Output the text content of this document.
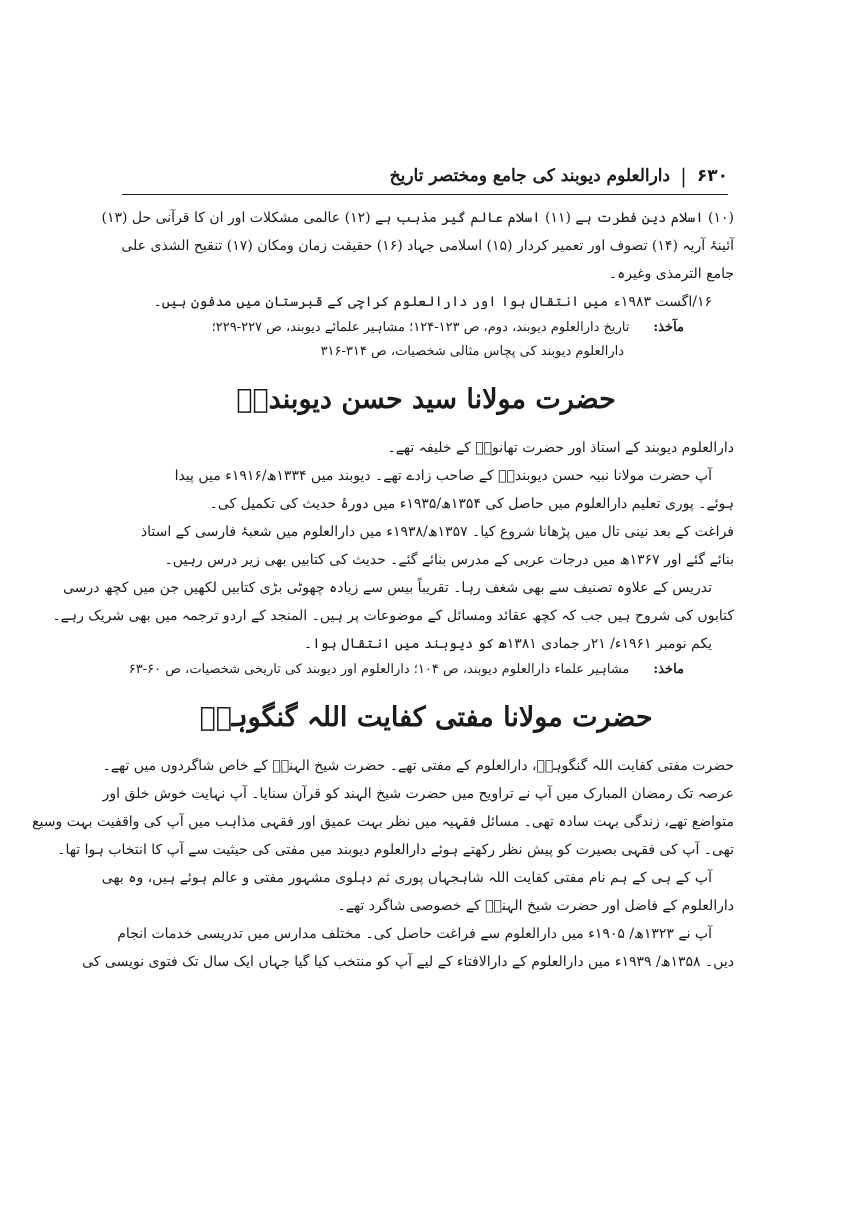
۶۳۰
|
دارالعلوم دیوبند کی جامع ومختصر تاریخ
(۱۰) اسلام دین فطرت ہے (۱۱) اسلام عالم گیر مذہب ہے (۱۲) عالمی مشکلات اور ان کا قرآنی حل (۱۳)
آئینۂ آریہ (۱۴) تصوف اور تعمیر کردار (۱۵) اسلامی جہاد (۱۶) حقیقت زمان ومکان (۱۷) تنقیح الشذی علی
جامع الترمذی وغیرہ۔
۱۶/اگست ۱۹۸۳ء میں انتقال ہوا اور دارالعلوم کراچی کے قبرستان میں مدفون ہیں۔
مآخذ:تاریخ دارالعلوم دیوبند، دوم، ص ۱۲۳-۱۲۴؛ مشاہیر علمائے دیوبند، ص ۲۲۷-۲۲۹؛
دارالعلوم دیوبند کی پچاس مثالی شخصیات، ص ۳۱۴-۳۱۶
حضرت مولانا سید حسن دیوبندیؒ
دارالعلوم دیوبند کے استاذ اور حضرت تھانویؒ کے خلیفہ تھے۔
آپ حضرت مولانا نبیہ حسن دیوبندیؒ کے صاحب زادے تھے۔ دیوبند میں ۱۳۳۴ھ/۱۹۱۶ء میں پیدا
ہوئے۔ پوری تعلیم دارالعلوم میں حاصل کی ۱۳۵۴ھ/۱۹۳۵ء میں دورۂ حدیث کی تکمیل کی۔
فراغت کے بعد نینی تال میں پڑھانا شروع کیا۔ ۱۳۵۷ھ/۱۹۳۸ء میں دارالعلوم میں شعبۂ فارسی کے استاذ
بنائے گئے اور ۱۳۶۷ھ میں درجات عربی کے مدرس بنائے گئے۔ حدیث کی کتابیں بھی زیر درس رہیں۔
تدریس کے علاوہ تصنیف سے بھی شغف رہا۔ تقریباً بیس سے زیادہ چھوٹی بڑی کتابیں لکھیں جن میں کچھ درسی
کتابوں کی شروح ہیں جب کہ کچھ عقائد ومسائل کے موضوعات پر ہیں۔ المنجد کے اردو ترجمہ میں بھی شریک رہے۔
یکم نومبر ۱۹۶۱ء/ ۲۱ر جمادی ۱۳۸۱ھ کو دیوبند میں انتقال ہوا۔
ماخذ:مشاہیر علماء دارالعلوم دیوبند، ص ۱۰۴؛ دارالعلوم اور دیوبند کی تاریخی شخصیات، ص ۶۰-۶۳
حضرت مولانا مفتی کفایت اللہ گنگوہیؒ
حضرت مفتی کفایت اللہ گنگوہیؒ، دارالعلوم کے مفتی تھے۔ حضرت شیخ الہندؒ کے خاص شاگردوں میں تھے۔
عرصہ تک رمضان المبارک میں آپ نے تراویح میں حضرت شیخ الہند کو قرآن سنایا۔ آپ نہایت خوش خلق اور
متواضع تھے، زندگی بہت سادہ تھی۔ مسائل فقہیہ میں نظر بہت عمیق اور فقہی مذاہب میں آپ کی واقفیت بہت وسیع
تھی۔ آپ کی فقہی بصیرت کو پیش نظر رکھتے ہوئے دارالعلوم دیوبند میں مفتی کی حیثیت سے آپ کا انتخاب ہوا تھا۔
آپ کے ہی کے ہم نام مفتی کفایت اللہ شاہجہاں پوری ثم دہلوی مشہور مفتی و عالم ہوئے ہیں، وہ بھی
دارالعلوم کے فاضل اور حضرت شیخ الہندؒ کے خصوصی شاگرد تھے۔
آپ نے ۱۳۲۳ھ/ ۱۹۰۵ء میں دارالعلوم سے فراغت حاصل کی۔ مختلف مدارس میں تدریسی خدمات انجام
دیں۔ ۱۳۵۸ھ/ ۱۹۳۹ء میں دارالعلوم کے دارالافتاء کے لیے آپ کو منتخب کیا گیا جہاں ایک سال تک فتوی نویسی کی
